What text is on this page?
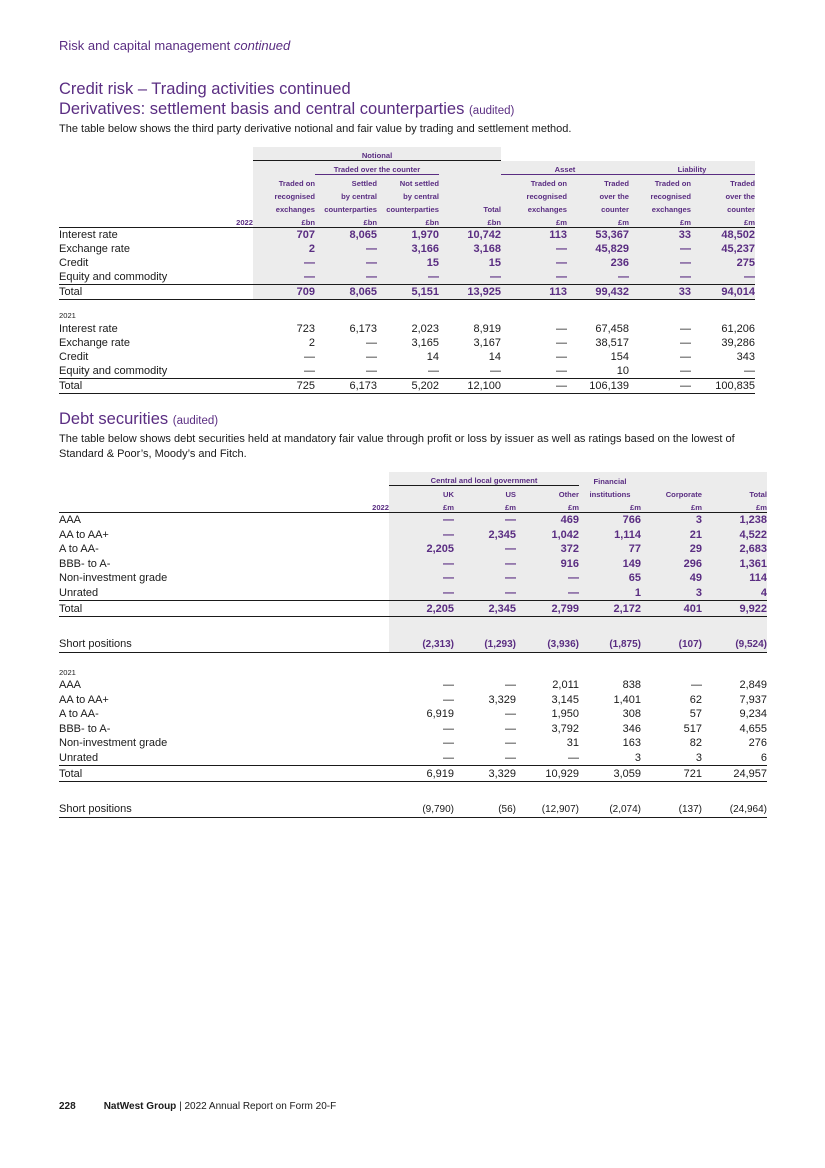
Risk and capital management continued
Credit risk – Trading activities continued
Derivatives: settlement basis and central counterparties (audited)
The table below shows the third party derivative notional and fair value by trading and settlement method.
	Notional								
		Traded over the counter			Asset		Liability		
	Traded on	Settled	Not settled		Traded on	Traded	Traded on	Traded	
	recognised	by central	by central		recognised	over the	recognised	over the	
	exchanges	counterparties	counterparties	Total	exchanges	counter	exchanges	counter	
2022	£bn	£bn	£bn	£bn	£m	£m	£m	£m	
Interest rate	707	8,065	1,970	10,742	113	53,367	33	48,502	
Exchange rate	2	—	3,166	3,168	—	45,829	—	45,237	
Credit	—	—	15	15	—	236	—	275	
Equity and commodity	—	—	—	—	—	—	—	—	
Total	709	8,065	5,151	13,925	113	99,432	33	94,014	

2021									
Interest rate	723	6,173	2,023	8,919	—	67,458	—	61,206	
Exchange rate	2	—	3,165	3,167	—	38,517	—	39,286	
Credit	—	—	14	14	—	154	—	343	
Equity and commodity	—	—	—	—	—	10	—	—	
Total	725	6,173	5,202	12,100	—	106,139	—	100,835	
Debt securities (audited)
The table below shows debt securities held at mandatory fair value through profit or loss by issuer as well as ratings based on the lowest of Standard & Poor’s, Moody’s and Fitch.
	Central and local government			Financial		
	UK	US	Other	institutions	Corporate	Total
2022	£m	£m	£m	£m	£m	£m
AAA	—	—	469	766	3	1,238
AA to AA+	—	2,345	1,042	1,114	21	4,522
A to AA-	2,205	—	372	77	29	2,683
BBB- to A-	—	—	916	149	296	1,361
Non-investment grade	—	—	—	65	49	114
Unrated	—	—	—	1	3	4
Total	2,205	2,345	2,799	2,172	401	9,922

Short positions	(2,313)	(1,293)	(3,936)	(1,875)	(107)	(9,524)

2021						
AAA	—	—	2,011	838	—	2,849
AA to AA+	—	3,329	3,145	1,401	62	7,937
A to AA-	6,919	—	1,950	308	57	9,234
BBB- to A-	—	—	3,792	346	517	4,655
Non-investment grade	—	—	31	163	82	276
Unrated	—	—	—	3	3	6
Total	6,919	3,329	10,929	3,059	721	24,957

Short positions	(9,790)	(56)	(12,907)	(2,074)	(137)	(24,964)
228	NatWest Group | 2022 Annual Report on Form 20-F
